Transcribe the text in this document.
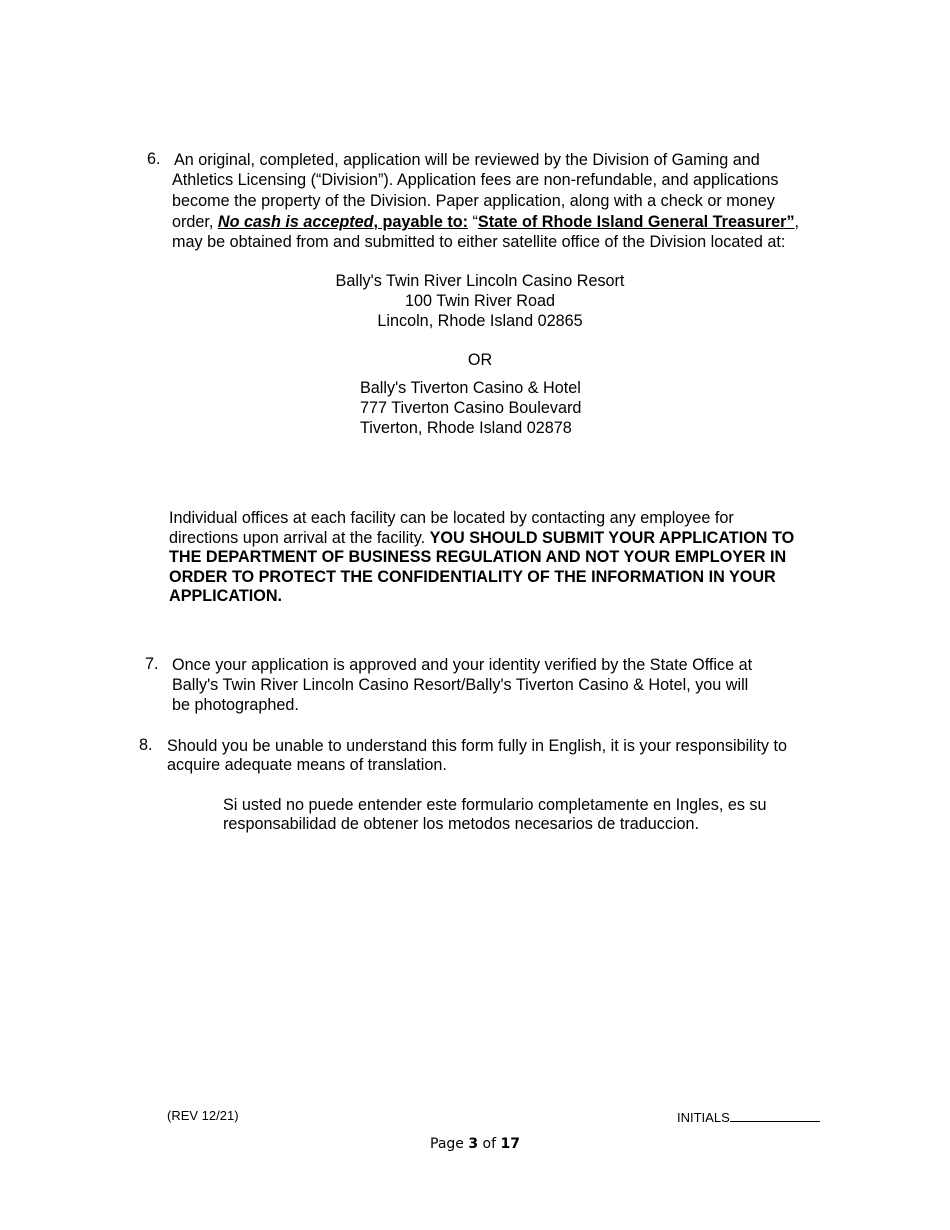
6. An original, completed, application will be reviewed by the Division of Gaming and
Athletics Licensing (“Division”). Application fees are non-refundable, and applications
become the property of the Division. Paper application, along with a check or money
order, No cash is accepted, payable to: “State of Rhode Island General Treasurer”,
may be obtained from and submitted to either satellite office of the Division located at:
Bally's Twin River Lincoln Casino Resort
100 Twin River Road
Lincoln, Rhode Island 02865
OR
Bally's Tiverton Casino & Hotel
777 Tiverton Casino Boulevard
Tiverton, Rhode Island 02878
Individual offices at each facility can be located by contacting any employee for
directions upon arrival at the facility. YOU SHOULD SUBMIT YOUR APPLICATION TO
THE DEPARTMENT OF BUSINESS REGULATION AND NOT YOUR EMPLOYER IN
ORDER TO PROTECT THE CONFIDENTIALITY OF THE INFORMATION IN YOUR
APPLICATION.
7. Once your application is approved and your identity verified by the State Office at
Bally's Twin River Lincoln Casino Resort/Bally's Tiverton Casino & Hotel, you will
be photographed.
8. Should you be unable to understand this form fully in English, it is your responsibility to
acquire adequate means of translation.
Si usted no puede entender este formulario completamente en Ingles, es su
responsabilidad de obtener los metodos necesarios de traduccion.
(REV 12/21)	INITIALS
Page 3 of 17
